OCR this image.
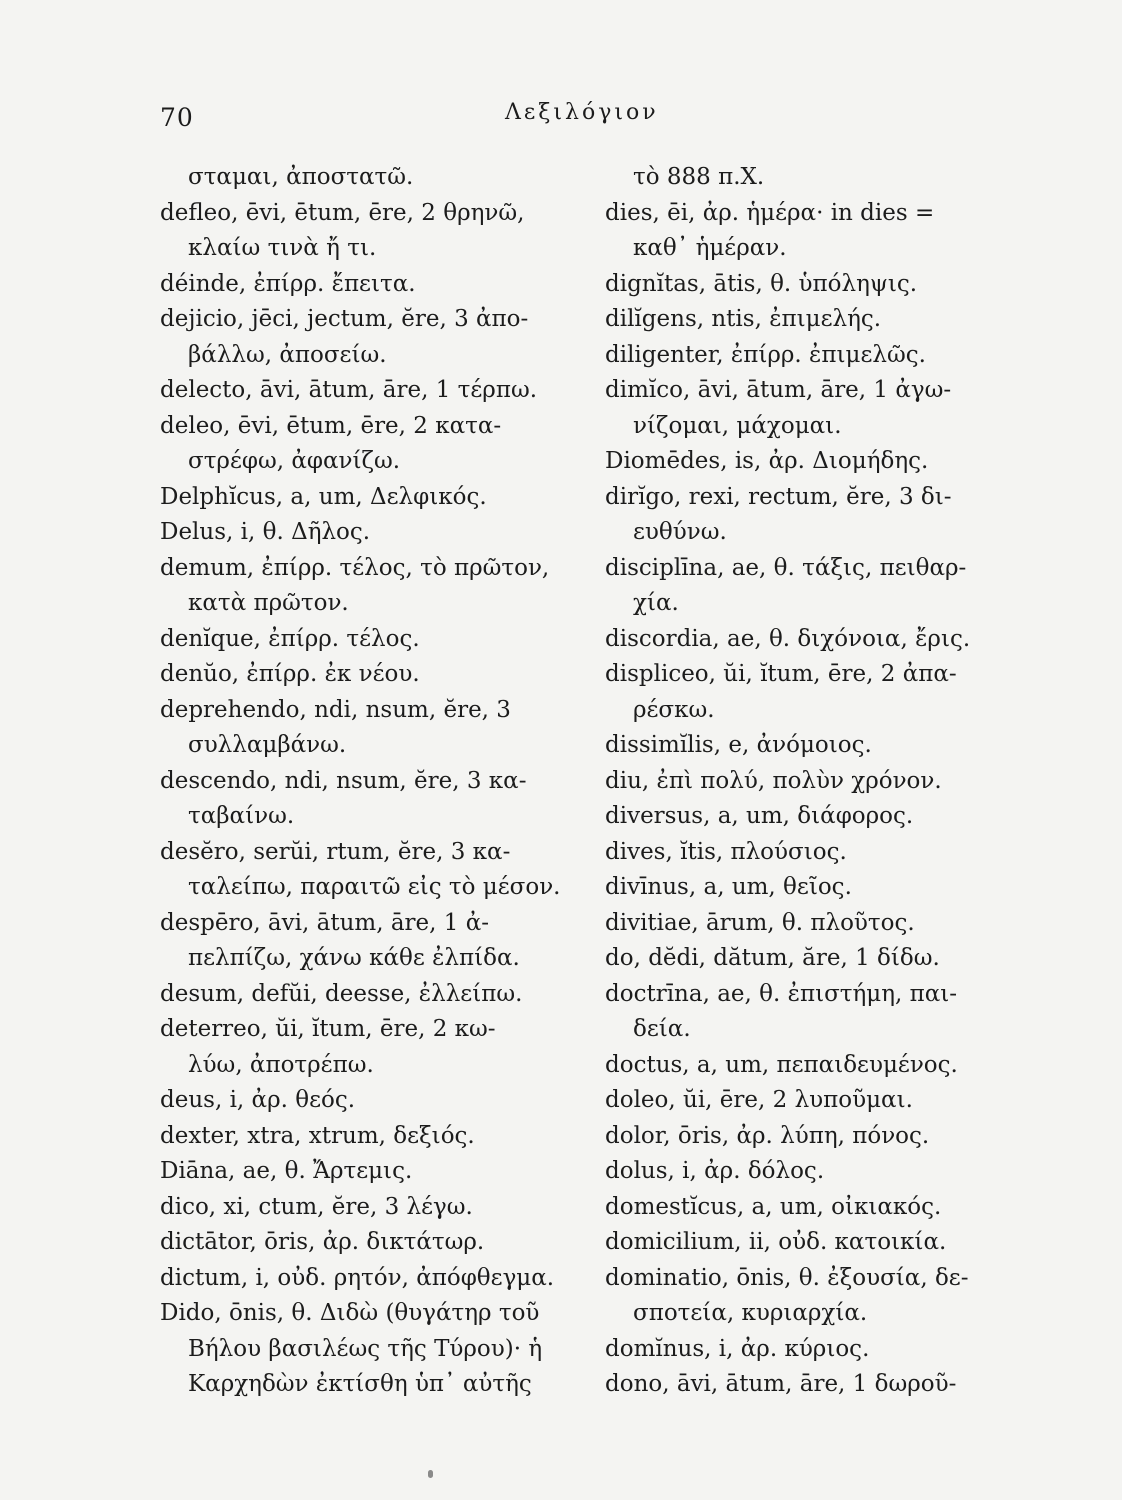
70	Λεξιλόγιον
σταμαι, ἀποστατῶ.
defleo, ēvi, ētum, ēre, 2 θρηνῶ,
κλαίω τινὰ ἤ τι.
déinde, ἐπίρρ. ἔπειτα.
dejicio, jēci, jectum, ĕre, 3 ἀπο-
βάλλω, ἀποσείω.
delecto, āvi, ātum, āre, 1 τέρπω.
deleo, ēvi, ētum, ēre, 2 κατα-
στρέφω, ἀφανίζω.
Delphĭcus, a, um, Δελφικός.
Delus, i, θ. Δῆλος.
demum, ἐπίρρ. τέλος, τὸ πρῶτον,
κατὰ πρῶτον.
denĭque, ἐπίρρ. τέλος.
denŭo, ἐπίρρ. ἐκ νέου.
deprehendo, ndi, nsum, ĕre, 3
συλλαμβάνω.
descendo, ndi, nsum, ĕre, 3 κα-
ταβαίνω.
desĕro, serŭi, rtum, ĕre, 3 κα-
ταλείπω, παραιτῶ εἰς τὸ μέσον.
despēro, āvi, ātum, āre, 1 ἀ-
πελπίζω, χάνω κάθε ἐλπίδα.
desum, defŭi, deesse, ἐλλείπω.
deterreo, ŭi, ĭtum, ēre, 2 κω-
λύω, ἀποτρέπω.
deus, i, ἀρ. θεός.
dexter, xtra, xtrum, δεξιός.
Diāna, ae, θ. Ἄρτεμις.
dico, xi, ctum, ĕre, 3 λέγω.
dictātor, ōris, ἀρ. δικτάτωρ.
dictum, i, οὐδ. ρητόν, ἀπόφθεγμα.
Dido, ōnis, θ. Διδὼ (θυγάτηρ τοῦ
Βήλου βασιλέως τῆς Τύρου)· ἡ
Καρχηδὼν ἐκτίσθη ὑπ᾽ αὐτῆς
τὸ 888 π.Χ.
dies, ēi, ἀρ. ἡμέρα· in dies =
καθ᾽ ἡμέραν.
dignĭtas, ātis, θ. ὑπόληψις.
dilĭgens, ntis, ἐπιμελής.
diligenter, ἐπίρρ. ἐπιμελῶς.
dimĭco, āvi, ātum, āre, 1 ἀγω-
νίζομαι, μάχομαι.
Diomēdes, is, ἀρ. Διομήδης.
dirĭgo, rexi, rectum, ĕre, 3 δι-
ευθύνω.
disciplīna, ae, θ. τάξις, πειθαρ-
χία.
discordia, ae, θ. διχόνοια, ἔρις.
displiceo, ŭi, ĭtum, ēre, 2 ἀπα-
ρέσκω.
dissimĭlis, e, ἀνόμοιος.
diu, ἐπὶ πολύ, πολὺν χρόνον.
diversus, a, um, διάφορος.
dives, ĭtis, πλούσιος.
divīnus, a, um, θεῖος.
divitiae, ārum, θ. πλοῦτος.
do, dĕdi, dătum, ăre, 1 δίδω.
doctrīna, ae, θ. ἐπιστήμη, παι-
δεία.
doctus, a, um, πεπαιδευμένος.
doleo, ŭi, ēre, 2 λυποῦμαι.
dolor, ōris, ἀρ. λύπη, πόνος.
dolus, i, ἀρ. δόλος.
domestĭcus, a, um, οἰκιακός.
domicilium, ii, οὐδ. κατοικία.
dominatio, ōnis, θ. ἐξουσία, δε-
σποτεία, κυριαρχία.
domĭnus, i, ἀρ. κύριος.
dono, āvi, ātum, āre, 1 δωροῦ-
